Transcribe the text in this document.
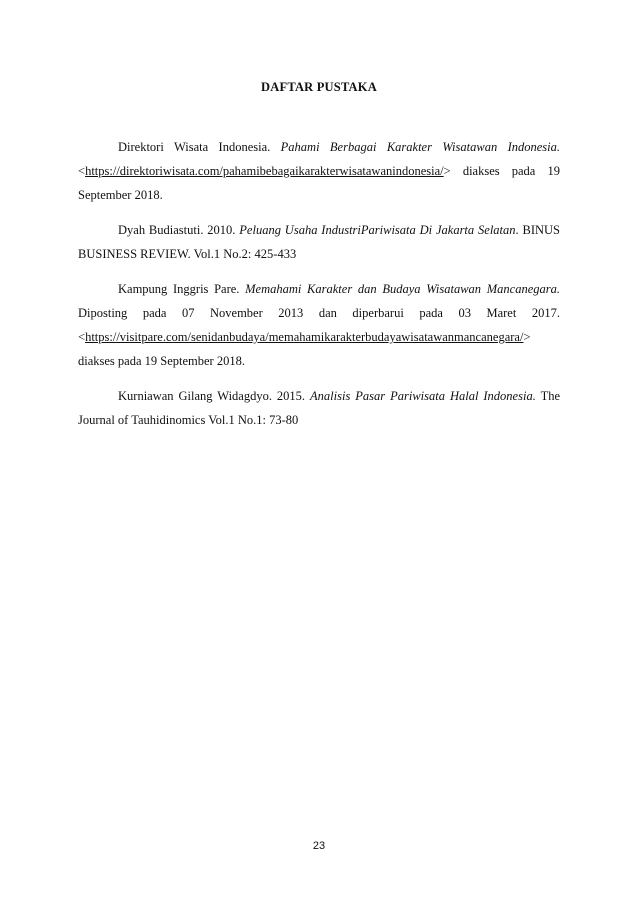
DAFTAR PUSTAKA

Direktori Wisata Indonesia. Pahami Berbagai Karakter Wisatawan Indonesia. <https://direktoriwisata.com/pahamibebagaikarakterwisatawanindonesia/> diakses pada 19 September 2018.

Dyah Budiastuti. 2010. Peluang Usaha IndustriPariwisata Di Jakarta Selatan. BINUS BUSINESS REVIEW. Vol.1 No.2: 425-433

Kampung Inggris Pare. Memahami Karakter dan Budaya Wisatawan Mancanegara. Diposting pada 07 November 2013 dan diperbarui pada 03 Maret 2017. <https://visitpare.com/senidanbudaya/memahamikarakterbudayawisatawanmancanegara/> diakses pada 19 September 2018.

Kurniawan Gilang Widagdyo. 2015. Analisis Pasar Pariwisata Halal Indonesia. The Journal of Tauhidinomics Vol.1 No.1: 73-80

23
